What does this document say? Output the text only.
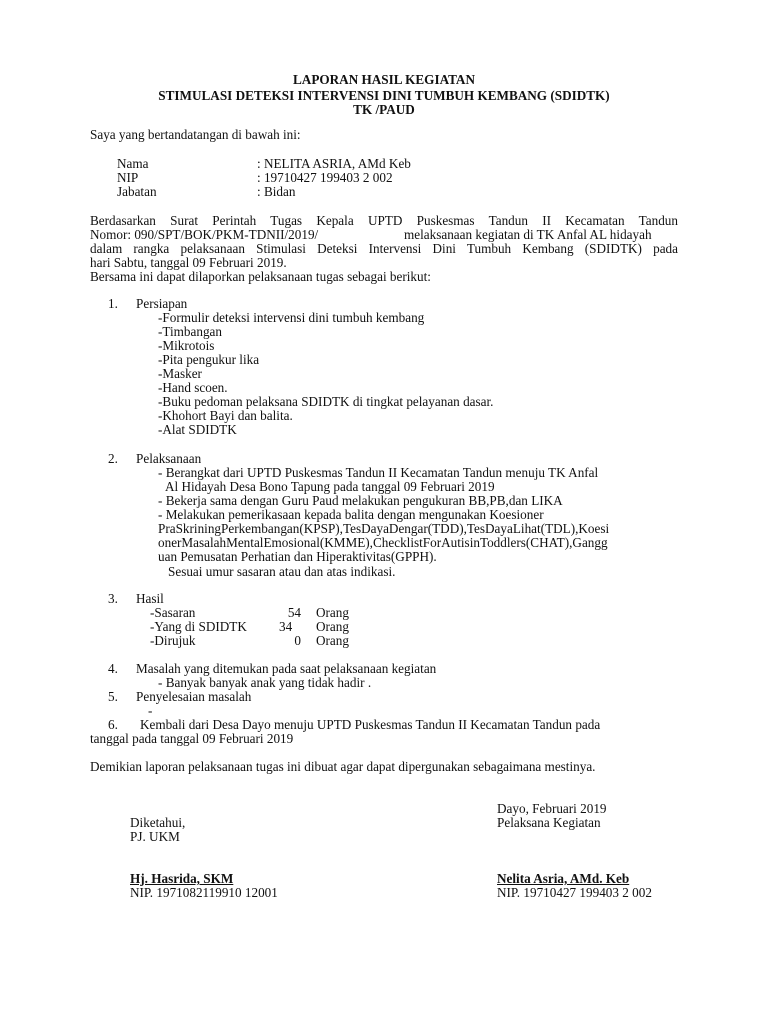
LAPORAN HASIL KEGIATAN
STIMULASI DETEKSI INTERVENSI DINI TUMBUH KEMBANG (SDIDTK)
TK /PAUD
Saya yang bertandatangan di bawah ini:
Nama	: NELITA ASRIA, AMd Keb
NIP	: 19710427 199403 2 002
Jabatan	: Bidan
Berdasarkan Surat Perintah Tugas Kepala UPTD Puskesmas Tandun II Kecamatan Tandun
Nomor: 090/SPT/BOK/PKM-TDNII/2019/	melaksanaan kegiatan di TK Anfal AL hidayah
dalam rangka pelaksanaan Stimulasi Deteksi Intervensi Dini Tumbuh Kembang (SDIDTK) pada
hari Sabtu, tanggal 09 Februari 2019.
Bersama ini dapat dilaporkan pelaksanaan tugas sebagai berikut:
1. Persiapan
-Formulir deteksi intervensi dini tumbuh kembang
-Timbangan
-Mikrotois
-Pita pengukur lika
-Masker
-Hand scoen.
-Buku pedoman pelaksana SDIDTK di tingkat pelayanan dasar.
-Khohort Bayi dan balita.
-Alat SDIDTK
2. Pelaksanaan
- Berangkat dari UPTD Puskesmas Tandun II Kecamatan Tandun menuju TK Anfal
Al Hidayah Desa Bono Tapung pada tanggal 09 Februari 2019
- Bekerja sama dengan Guru Paud melakukan pengukuran BB,PB,dan LIKA
- Melakukan pemerikasaan kepada balita dengan mengunakan Koesioner
PraSkriningPerkembangan(KPSP),TesDayaDengar(TDD),TesDayaLihat(TDL),Koesi
onerMasalahMentalEmosional(KMME),ChecklistForAutisinToddlers(CHAT),Gangg
uan Pemusatan Perhatian dan Hiperaktivitas(GPPH).
Sesuai umur sasaran atau dan atas indikasi.
3. Hasil
-Sasaran	54 Orang
-Yang di SDIDTK 34 Orang
-Dirujuk	0 Orang
4. Masalah yang ditemukan pada saat pelaksanaan kegiatan
- Banyak banyak anak yang tidak hadir .
5. Penyelesaian masalah
-
6. Kembali dari Desa Dayo menuju UPTD Puskesmas Tandun II Kecamatan Tandun pada
tanggal pada tanggal 09 Februari 2019
Demikian laporan pelaksanaan tugas ini dibuat agar dapat dipergunakan sebagaimana mestinya.
Dayo, Februari 2019
Diketahui,	Pelaksana Kegiatan
PJ. UKM
Hj. Hasrida, SKM	Nelita Asria, AMd. Keb
NIP. 1971082119910 12001	NIP. 19710427 199403 2 002
